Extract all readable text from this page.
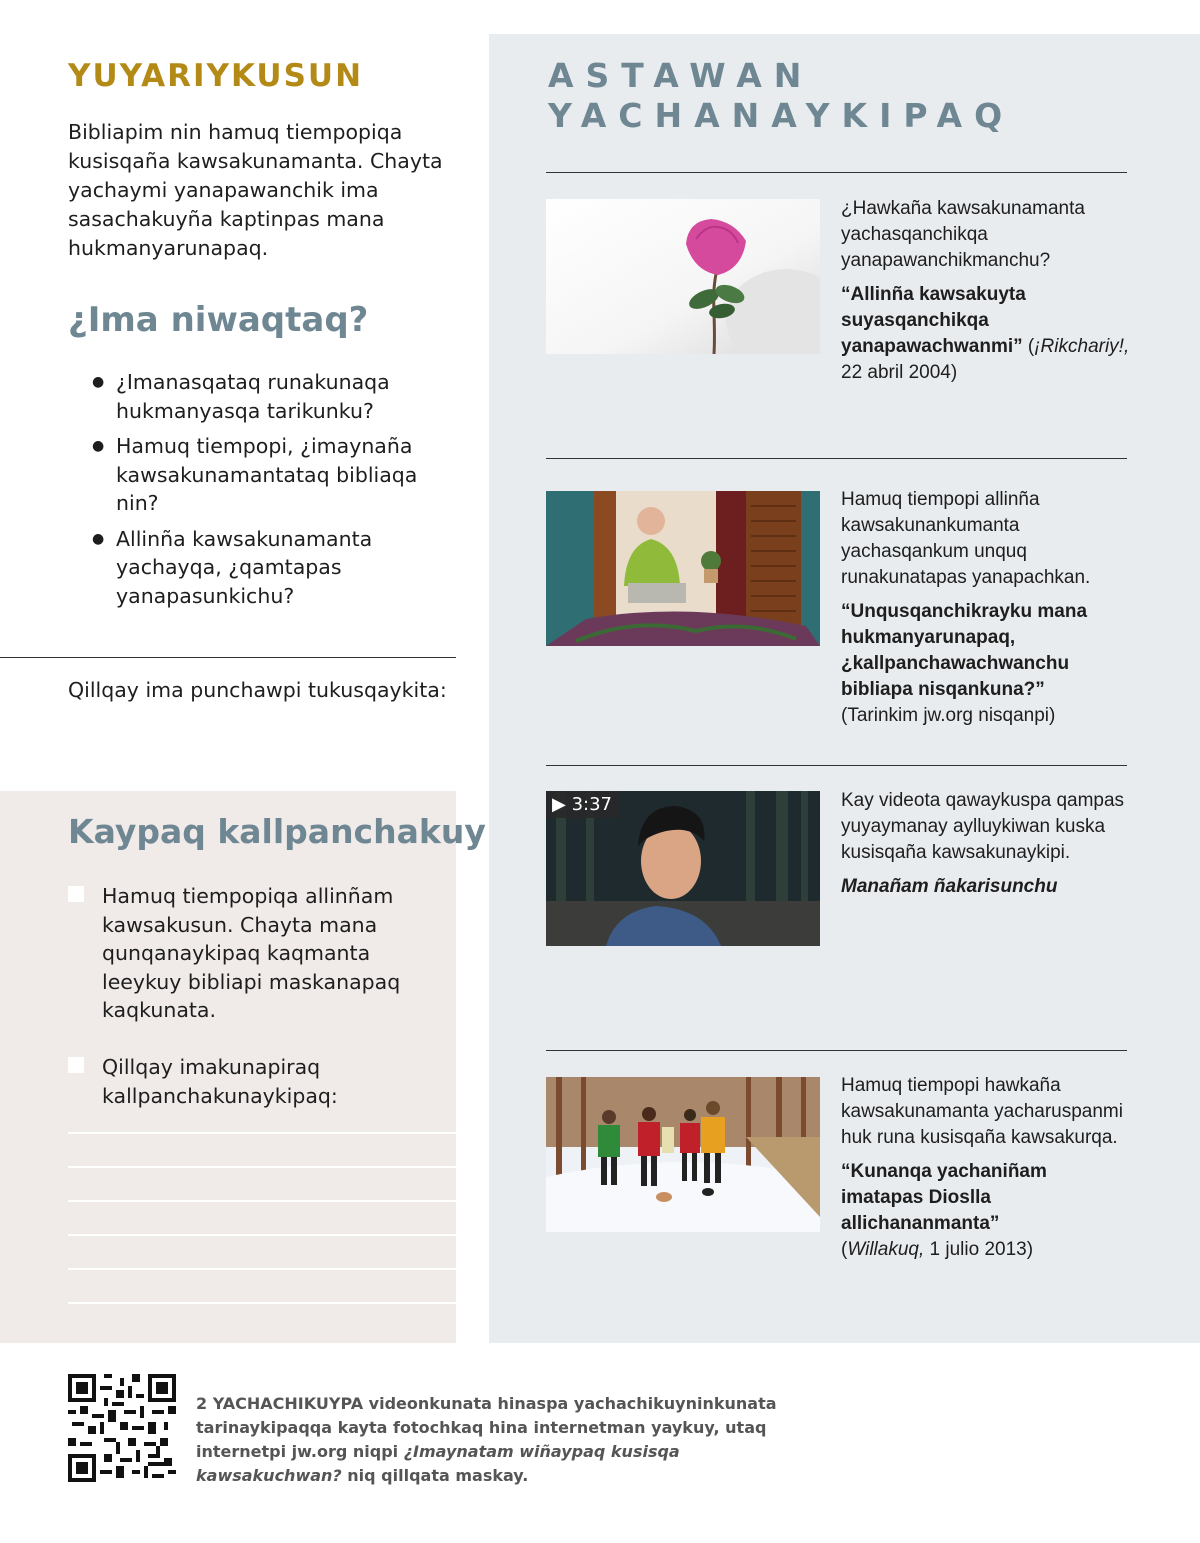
YUYARIYKUSUN

Bibliapim nin hamuq tiempopiqa kusisqaña kawsakunamanta. Chayta yachaymi yanapawanchik ima sasachakuyña kaptinpas mana hukmanyarunapaq.

¿Ima niwaqtaq?
● ¿Imanasqataq runakunaqa hukmanyasqa tarikunku?
● Hamuq tiempopi, ¿imaynaña kawsakunamantataq bibliaqa nin?
● Allinña kawsakunamanta yachayqa, ¿qamtapas yanapasunkichu?

Qillqay ima punchawpi tukusqaykita:

Kaypaq kallpanchakuy
Hamuq tiempopiqa allinñam kawsakusun. Chayta mana qunqanaykipaq kaqmanta leeykuy bibliapi maskanapaq kaqkunata.
Qillqay imakunapiraq kallpanchakunaykipaq:
ASTAWAN
YACHANAYKIPAQ

¿Hawkaña kawsakunamanta yachasqanchikqa yanapawanchikmanchu?

“Allinña kawsakuyta suyasqanchikqa yanapawachwanmi” (¡Rikchariy!, 22 abril 2004)

Hamuq tiempopi allinña kawsakunankumanta yachasqankum unquq runakunatapas yanapachkan.

“Unqusqanchikrayku mana hukmanyarunapaq, ¿kallpanchawachwanchu bibliapa nisqankuna?”

(Tarinkim jw.org nisqanpi)

▶ 3:37	Kay videota qawaykuspa qampas yuyaymanay aylluykiwan kuska kusisqaña kawsakunaykipi.

Manañam ñakarisunchu

Hamuq tiempopi hawkaña kawsakunamanta yacharuspanmi huk runa kusisqaña kawsakurqa.

“Kunanqa yachaniñam imatapas Dioslla allichananmanta”

(Willakuq, 1 julio 2013)

2 YACHACHIKUYPA videonkunata hinaspa yachachikuyninkunata tarinaykipaqqa kayta fotochkaq hina internetman yaykuy, utaq internetpi jw.org niqpi ¿Imaynatam wiñaypaq kusisqa kawsakuchwan? niq qillqata maskay.
